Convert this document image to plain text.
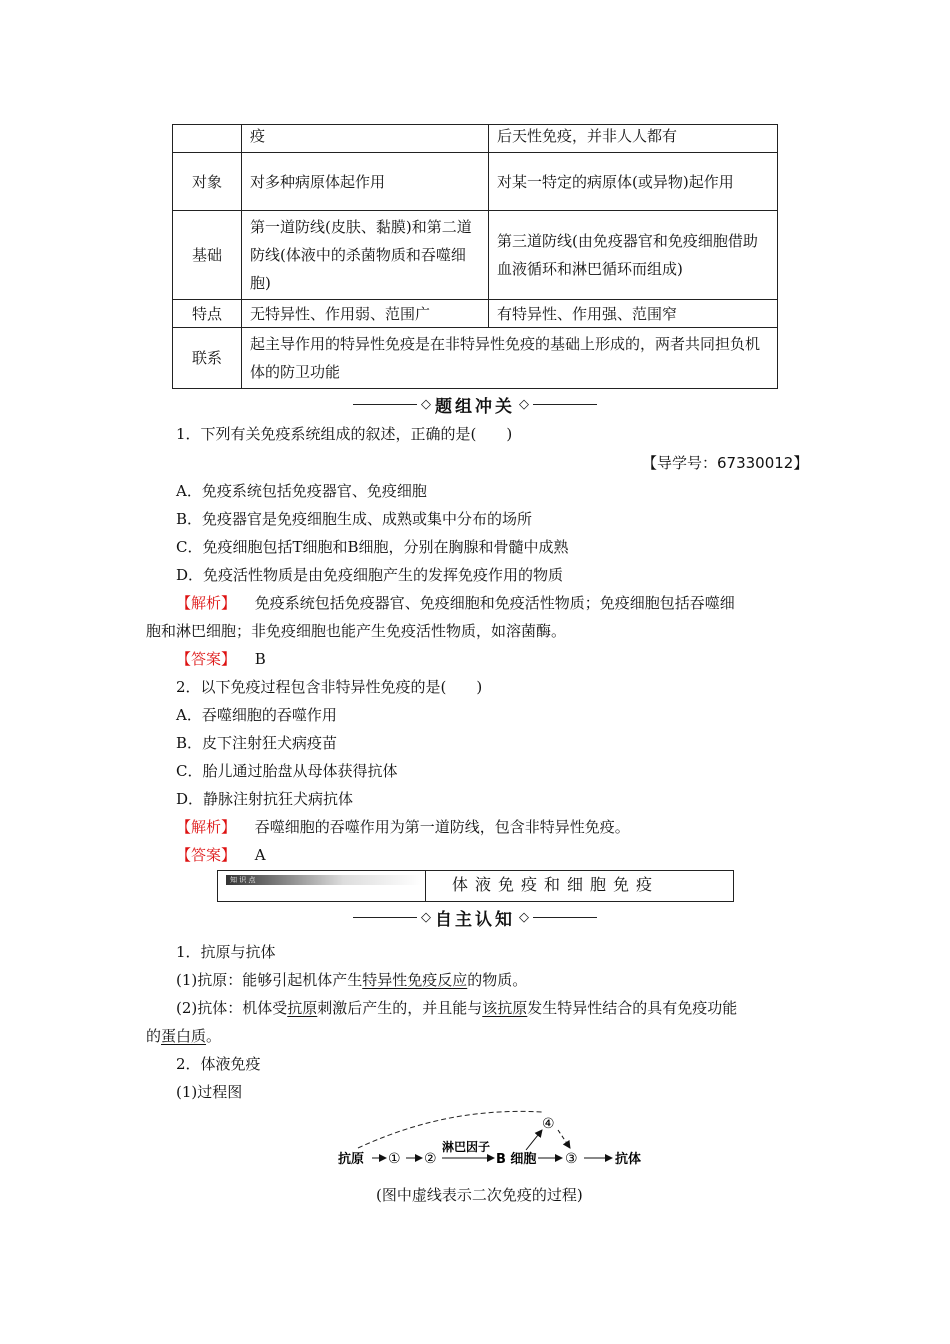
	疫	后天性免疫，并非人人都有
对象	对多种病原体起作用	对某一特定的病原体(或异物)起作用
基础	第一道防线(皮肤、黏膜)和第二道防线(体液中的杀菌物质和吞噬细胞)	第三道防线(由免疫器官和免疫细胞借助血液循环和淋巴循环而组成)
特点	无特异性、作用弱、范围广	有特异性、作用强、范围窄
联系	起主导作用的特异性免疫是在非特异性免疫的基础上形成的，两者共同担负机体的防卫功能	
◇ 题组冲关 ◇
1．下列有关免疫系统组成的叙述，正确的是(　　)
【导学号：67330012】
A．免疫系统包括免疫器官、免疫细胞
B．免疫器官是免疫细胞生成、成熟或集中分布的场所
C．免疫细胞包括T细胞和B细胞，分别在胸腺和骨髓中成熟
D．免疫活性物质是由免疫细胞产生的发挥免疫作用的物质
【解析】 免疫系统包括免疫器官、免疫细胞和免疫活性物质；免疫细胞包括吞噬细
胞和淋巴细胞；非免疫细胞也能产生免疫活性物质，如溶菌酶。
【答案】 B
2．以下免疫过程包含非特异性免疫的是(　　)
A．吞噬细胞的吞噬作用
B．皮下注射狂犬病疫苗
C．胎儿通过胎盘从母体获得抗体
D．静脉注射抗狂犬病抗体
【解析】 吞噬细胞的吞噬作用为第一道防线，包含非特异性免疫。
【答案】 A
知 识 点	体液免疫和细胞免疫
◇ 自主认知 ◇
1．抗原与抗体
(1)抗原：能够引起机体产生特异性免疫反应的物质。
(2)抗体：机体受抗原刺激后产生的，并且能与该抗原发生特异性结合的具有免疫功能
的蛋白质。
2．体液免疫
(1)过程图
抗原 ① ②
淋巴因子
B 细胞 ③
④
抗体
(图中虚线表示二次免疫的过程)
